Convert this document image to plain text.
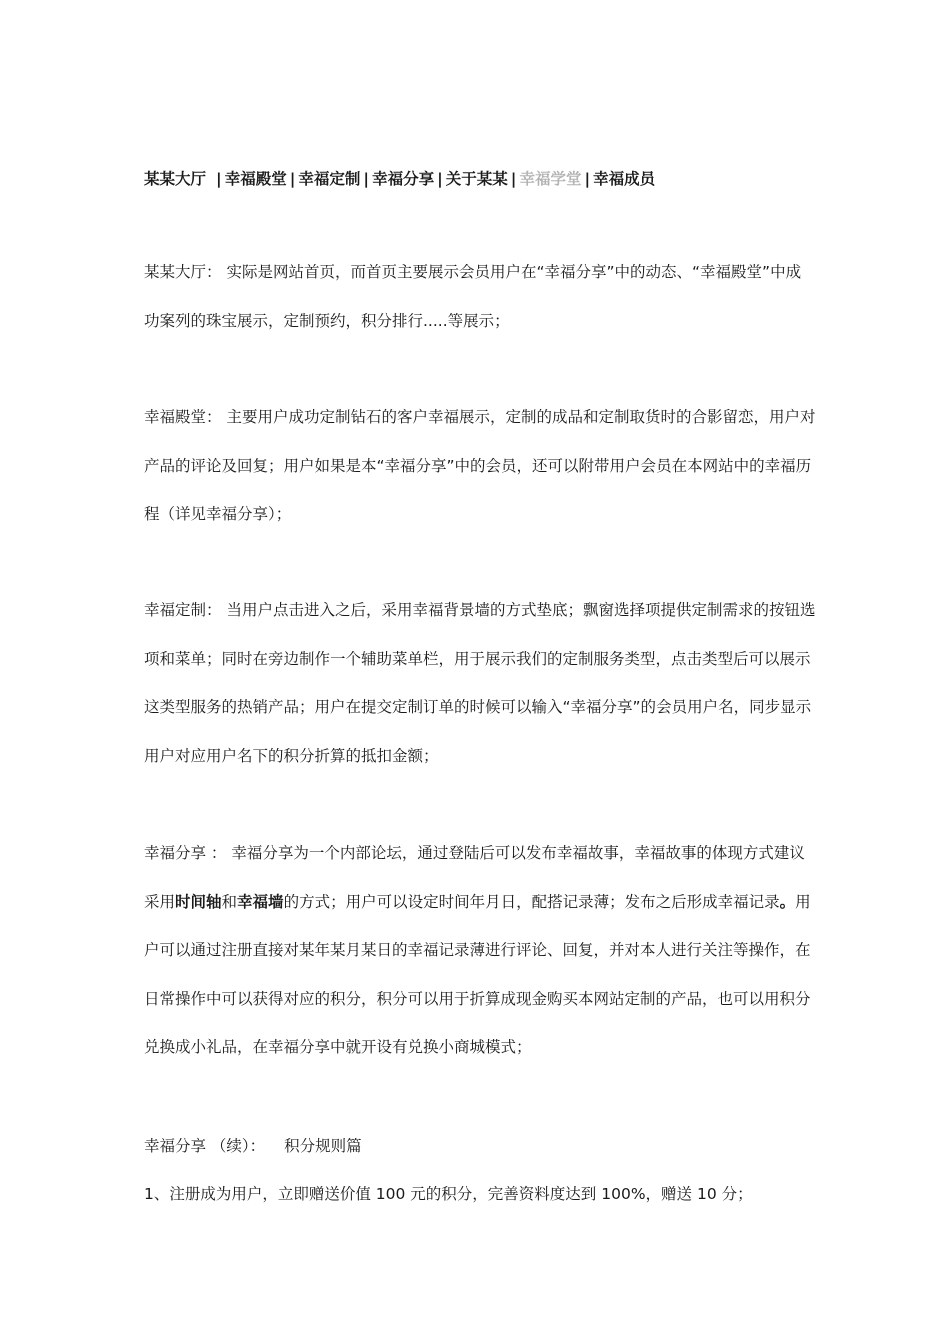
某某大厅 | 幸福殿堂 | 幸福定制 | 幸福分享 | 关于某某 | 幸福学堂 | 幸福成员

某某大厅： 实际是网站首页，而首页主要展示会员用户在“幸福分享”中的动态、“幸福殿堂”中成功案列的珠宝展示，定制预约，积分排行.....等展示；

幸福殿堂： 主要用户成功定制钻石的客户幸福展示，定制的成品和定制取货时的合影留恋，用户对产品的评论及回复；用户如果是本“幸福分享”中的会员，还可以附带用户会员在本网站中的幸福历程（详见幸福分享）；

幸福定制： 当用户点击进入之后，采用幸福背景墙的方式垫底；飘窗选择项提供定制需求的按钮选项和菜单；同时在旁边制作一个辅助菜单栏，用于展示我们的定制服务类型，点击类型后可以展示这类型服务的热销产品；用户在提交定制订单的时候可以输入“幸福分享”的会员用户名，同步显示用户对应用户名下的积分折算的抵扣金额；

幸福分享 ： 幸福分享为一个内部论坛，通过登陆后可以发布幸福故事，幸福故事的体现方式建议采用时间轴和幸福墙的方式；用户可以设定时间年月日，配搭记录薄；发布之后形成幸福记录。用户可以通过注册直接对某年某月某日的幸福记录薄进行评论、回复，并对本人进行关注等操作，在日常操作中可以获得对应的积分，积分可以用于折算成现金购买本网站定制的产品，也可以用积分兑换成小礼品，在幸福分享中就开设有兑换小商城模式；

幸福分享 （续）： 积分规则篇
1、注册成为用户，立即赠送价值 100 元的积分，完善资料度达到 100%，赠送 10 分；
